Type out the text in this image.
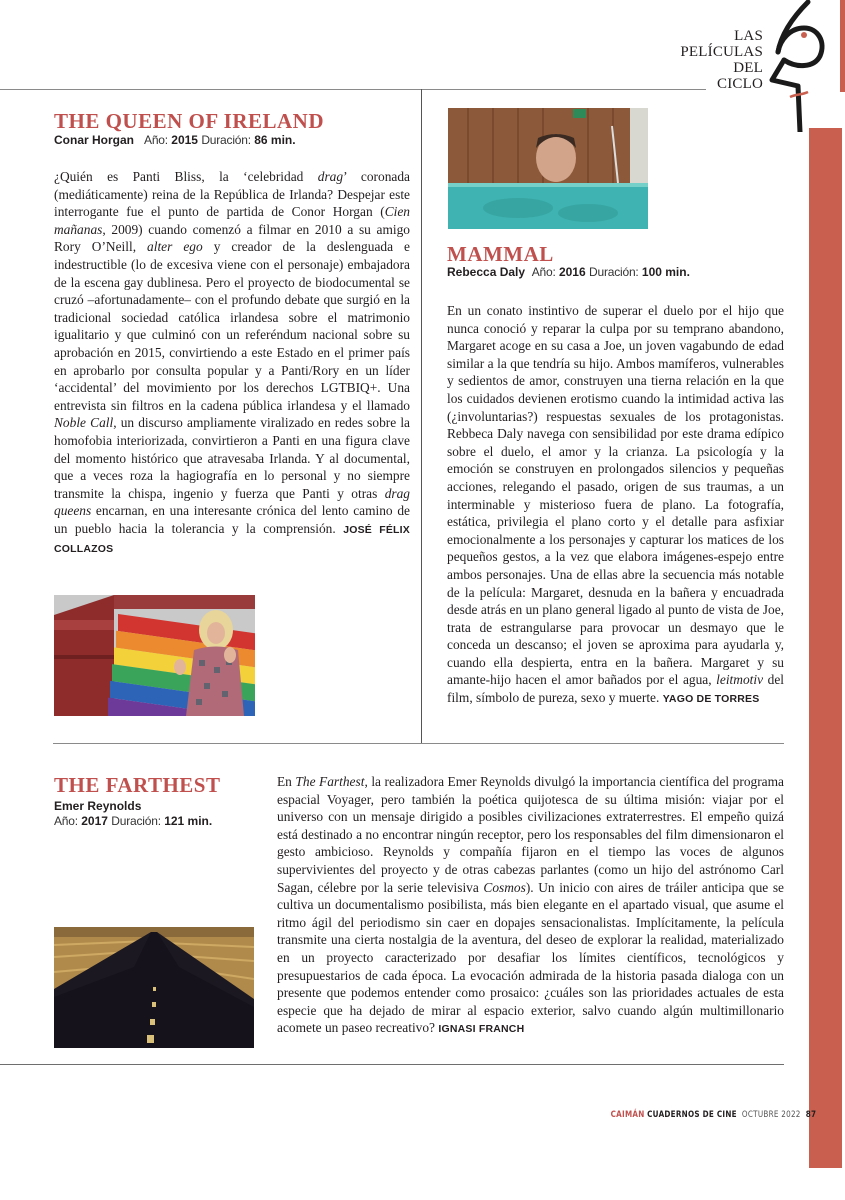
LAS
PELÍCULAS
DEL
CICLO
THE QUEEN OF IRELAND
Conar Horgan Año: 2015 Duración: 86 min.

¿Quién es Panti Bliss, la ‘celebridad drag’ coronada (mediáticamente) reina de la República de Irlanda? Despejar este interrogante fue el punto de partida de Conor Horgan (Cien mañanas, 2009) cuando comenzó a filmar en 2010 a su amigo Rory O’Neill, alter ego y creador de la deslenguada e indestructible (lo de excesiva viene con el personaje) embajadora de la escena gay dublinesa. Pero el proyecto de biodocumental se cruzó –afortunadamente– con el profundo debate que surgió en la tradicional sociedad católica irlandesa sobre el matrimonio igualitario y que culminó con un referéndum nacional sobre su aprobación en 2015, convirtiendo a este Estado en el primer país en aprobarlo por consulta popular y a Panti/Rory en un líder ‘accidental’ del movimiento por los derechos LGTBIQ+. Una entrevista sin filtros en la cadena pública irlandesa y el llamado Noble Call, un discurso ampliamente viralizado en redes sobre la homofobia interiorizada, convirtieron a Panti en una figura clave del momento histórico que atravesaba Irlanda. Y al documental, que a veces roza la hagiografía en lo personal y no siempre transmite la chispa, ingenio y fuerza que Panti y otras drag queens encarnan, en una interesante crónica del lento camino de un pueblo hacia la tolerancia y la comprensión. JOSÉ FÉLIX COLLAZOS

MAMMAL
Rebecca Daly Año: 2016 Duración: 100 min.

En un conato instintivo de superar el duelo por el hijo que nunca conoció y reparar la culpa por su temprano abandono, Margaret acoge en su casa a Joe, un joven vagabundo de edad similar a la que tendría su hijo. Ambos mamíferos, vulnerables y sedientos de amor, construyen una tierna relación en la que los cuidados devienen erotismo cuando la intimidad activa las (¿involuntarias?) respuestas sexuales de los protagonistas. Rebbeca Daly navega con sensibilidad por este drama edípico sobre el duelo, el amor y la crianza. La psicología y la emoción se construyen en prolongados silencios y pequeñas acciones, relegando el pasado, origen de sus traumas, a un interminable y misterioso fuera de plano. La fotografía, estática, privilegia el plano corto y el detalle para asfixiar emocionalmente a los personajes y capturar los matices de los pequeños gestos, a la vez que elabora imágenes-espejo entre ambos personajes. Una de ellas abre la secuencia más notable de la película: Margaret, desnuda en la bañera y encuadrada desde atrás en un plano general ligado al punto de vista de Joe, trata de estrangularse para provocar un desmayo que le conceda un descanso; el joven se aproxima para ayudarla y, cuando ella despierta, entra en la bañera. Margaret y su amante-hijo hacen el amor bañados por el agua, leitmotiv del film, símbolo de pureza, sexo y muerte. YAGO DE TORRES

THE FARTHEST
Emer Reynolds
Año: 2017 Duración: 121 min.

En The Farthest, la realizadora Emer Reynolds divulgó la importancia científica del programa espacial Voyager, pero también la poética quijotesca de su última misión: viajar por el universo con un mensaje dirigido a posibles civilizaciones extraterrestres. El empeño quizá está destinado a no encontrar ningún receptor, pero los responsables del film dimensionaron el gesto ambicioso. Reynolds y compañía fijaron en el tiempo las voces de algunos supervivientes del proyecto y de otras cabezas parlantes (como un hijo del astrónomo Carl Sagan, célebre por la serie televisiva Cosmos). Un inicio con aires de tráiler anticipa que se cultiva un documentalismo posibilista, más bien elegante en el apartado visual, que asume el ritmo ágil del periodismo sin caer en dopajes sensacionalistas. Implícitamente, la película transmite una cierta nostalgia de la aventura, del deseo de explorar la realidad, materializado en un proyecto caracterizado por desafiar los límites científicos, tecnológicos y presupuestarios de cada época. La evocación admirada de la historia pasada dialoga con un presente que podemos entender como prosaico: ¿cuáles son las prioridades actuales de esta especie que ha dejado de mirar al espacio exterior, salvo cuando algún multimillonario acomete un paseo recreativo? IGNASI FRANCH

CAIMÁN CUADERNOS DE CINE OCTUBRE 2022 87
